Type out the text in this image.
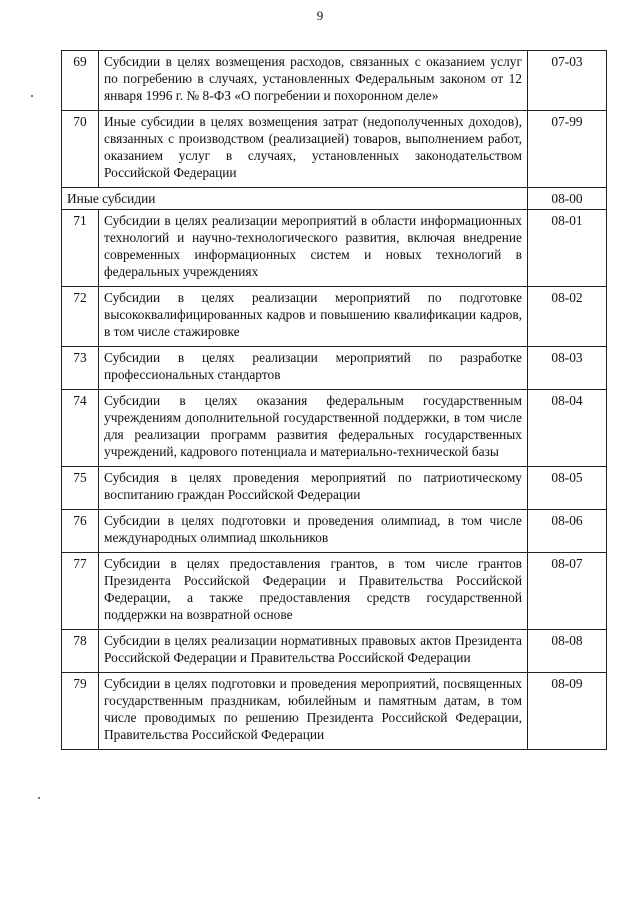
9
69	Субсидии в целях возмещения расходов, связанных с оказанием услуг по погребению в случаях, установленных Федеральным законом от 12 января 1996 г. № 8-ФЗ «О погребении и похоронном деле»	07-03
70	Иные субсидии в целях возмещения затрат (недополученных доходов), связанных с производством (реализацией) товаров, выполнением работ, оказанием услуг в случаях, установленных законодательством Российской Федерации	07-99
Иные субсидии		08-00
71	Субсидии в целях реализации мероприятий в области информационных технологий и научно-технологического развития, включая внедрение современных информационных систем и новых технологий в федеральных учреждениях	08-01
72	Субсидии в целях реализации мероприятий по подготовке высококвалифицированных кадров и повышению квалификации кадров, в том числе стажировке	08-02
73	Субсидии в целях реализации мероприятий по разработке профессиональных стандартов	08-03
74	Субсидии в целях оказания федеральным государственным учреждениям дополнительной государственной поддержки, в том числе для реализации программ развития федеральных государственных учреждений, кадрового потенциала и материально-технической базы	08-04
75	Субсидия в целях проведения мероприятий по патриотическому воспитанию граждан Российской Федерации	08-05
76	Субсидии в целях подготовки и проведения олимпиад, в том числе международных олимпиад школьников	08-06
77	Субсидии в целях предоставления грантов, в том числе грантов Президента Российской Федерации и Правительства Российской Федерации, а также предоставления средств государственной поддержки на возвратной основе	08-07
78	Субсидии в целях реализации нормативных правовых актов Президента Российской Федерации и Правительства Российской Федерации	08-08
79	Субсидии в целях подготовки и проведения мероприятий, посвященных государственным праздникам, юбилейным и памятным датам, в том числе проводимых по решению Президента Российской Федерации, Правительства Российской Федерации	08-09
